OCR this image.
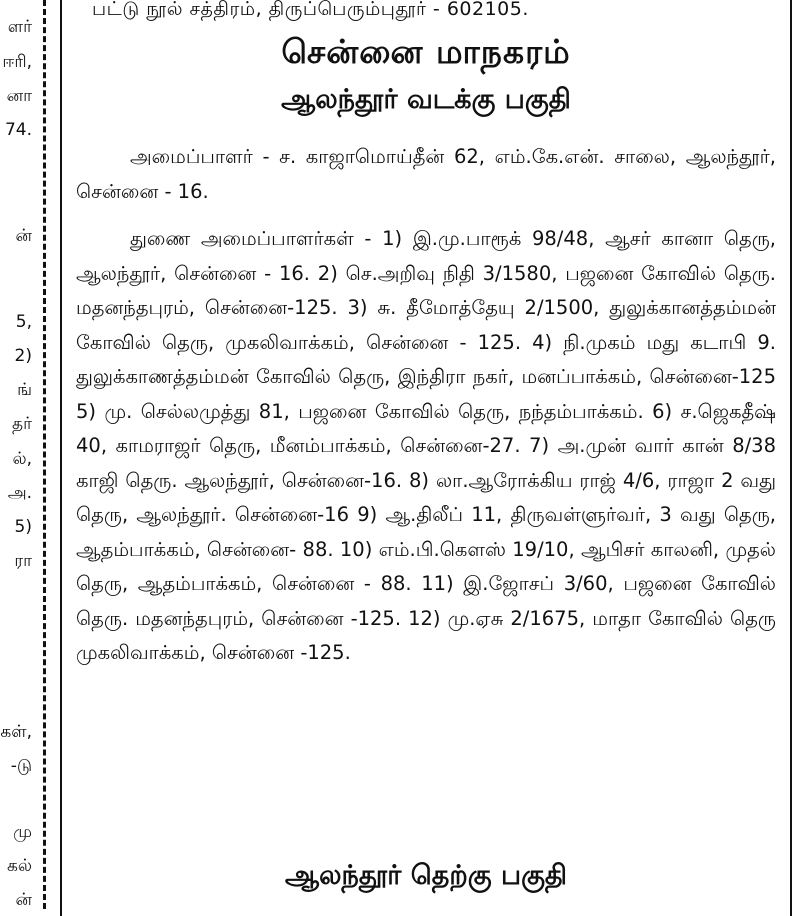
ளர்
ஈரி,
னா
74.
ன்
5,
2)
ங்
தர்
ல்,
அ.
5)
ரா
கள்,
-டு
மு
கல்
ன்
பட்டு நூல் சத்திரம், திருப்பெரும்புதூர் - 602105.
சென்னை மாநகரம்
ஆலந்தூர் வடக்கு பகுதி

அமைப்பாளர் - ச. காஜாமொய்தீன் 62, எம்.கே.என். சாலை, ஆலந்தூர், சென்னை - 16.

துணை அமைப்பாளர்கள் - 1) இ.மு.பாரூக் 98/48, ஆசர் கானா தெரு, ஆலந்தூர், சென்னை - 16. 2) செ.அறிவு நிதி 3/1580, பஜனை கோவில் தெரு. மதனந்தபுரம், சென்னை-125. 3) சு. தீமோத்தேயு 2/1500, துலுக்கானத்தம்மன் கோவில் தெரு, முகலிவாக்கம், சென்னை - 125. 4) நி.முகம் மது கடாபி 9. துலுக்காணத்தம்மன் கோவில் தெரு, இந்திரா நகர், மனப்பாக்கம், சென்னை-125 5) மு. செல்லமுத்து 81, பஜனை கோவில் தெரு, நந்தம்பாக்கம். 6) ச.ஜெகதீஷ் 40, காமராஜர் தெரு, மீனம்பாக்கம், சென்னை-27. 7) அ.முன் வார் கான் 8/38 காஜி தெரு. ஆலந்தூர், சென்னை-16. 8) லா.ஆரோக்கிய ராஜ் 4/6, ராஜா 2 வது தெரு, ஆலந்தூர். சென்னை-16 9) ஆ.திலீப் 11, திருவள்ளுர்வர், 3 வது தெரு, ஆதம்பாக்கம், சென்னை- 88. 10) எம்.பி.கௌஸ் 19/10, ஆபிசர் காலனி, முதல் தெரு, ஆதம்பாக்கம், சென்னை - 88. 11) இ.ஜோசப் 3/60, பஜனை கோவில் தெரு. மதனந்தபுரம், சென்னை -125. 12) மு.ஏசு 2/1675, மாதா கோவில் தெரு முகலிவாக்கம், சென்னை -125.

ஆலந்தூர் தெற்கு பகுதி
